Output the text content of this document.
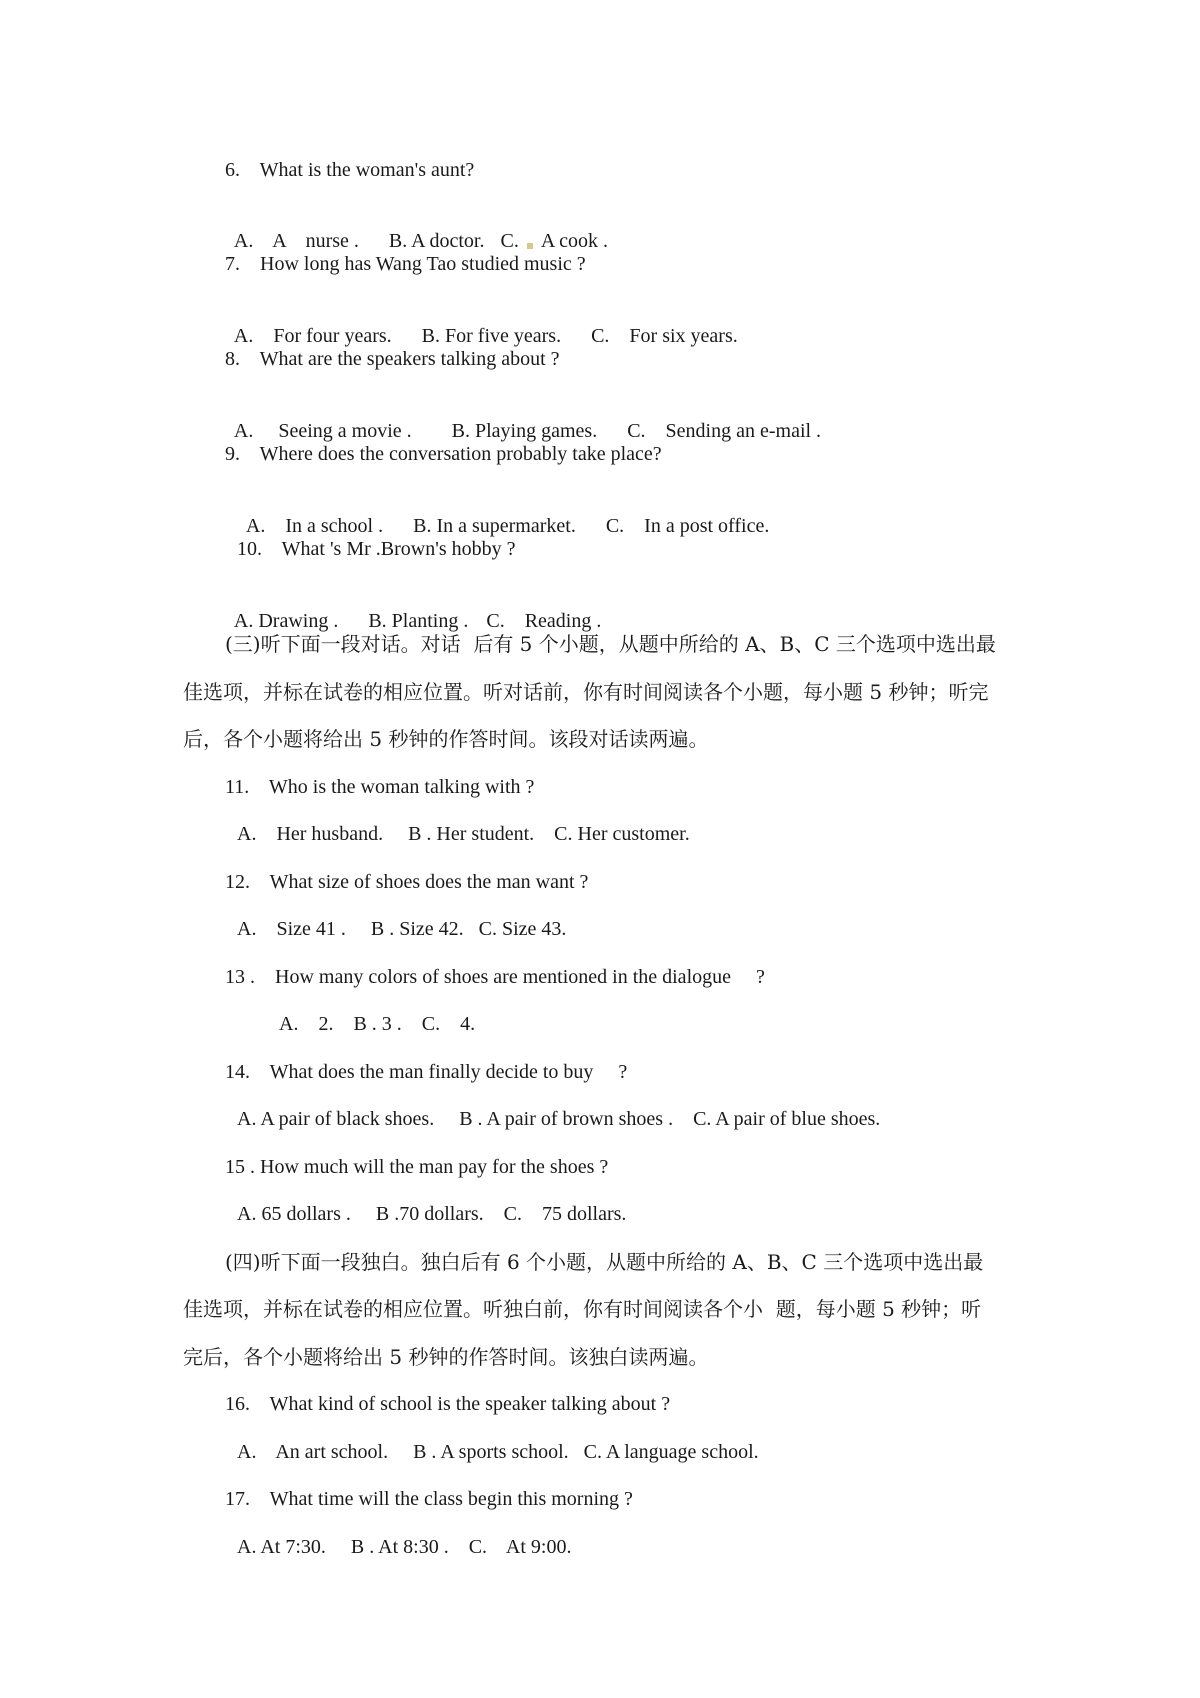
6.    What is the woman's aunt?

A.    A    nurse . B. A doctor. C. A cook .

7.    How long has Wang Tao studied music ?

A.    For four years. B. For five years. C.    For six years.

8.    What are the speakers talking about ?

A.     Seeing a movie . B. Playing games. C.    Sending an e-mail .

9.    Where does the conversation probably take place?

A.    In a school . B. In a supermarket. C.    In a post office.

10.    What 's Mr .Brown's hobby ?

A. Drawing . B. Planting . C.    Reading .

(三)听下面一段对话。对话  后有 5 个小题，从题中所给的 A、B、C 三个选项中选出最
佳选项，并标在试卷的相应位置。听对话前，你有时间阅读各个小题，每小题 5 秒钟；听完
后，各个小题将给出 5 秒钟的作答时间。该段对话读两遍。
11.    Who is the woman talking with ?
A.    Her husband.     B . Her student.    C. Her customer.
12.    What size of shoes does the man want ?
A.    Size 41 .     B . Size 42.   C. Size 43.
13 .    How many colors of shoes are mentioned in the dialogue     ?
A.    2.    B . 3 .    C.    4.
14.    What does the man finally decide to buy     ?
A. A pair of black shoes.     B . A pair of brown shoes .    C. A pair of blue shoes.
15 . How much will the man pay for the shoes ?
A. 65 dollars .     B .70 dollars.    C.    75 dollars.
(四)听下面一段独白。独白后有 6 个小题，从题中所给的 A、B、C 三个选项中选出最
佳选项，并标在试卷的相应位置。听独白前，你有时间阅读各个小  题，每小题 5 秒钟；听
完后，各个小题将给出 5 秒钟的作答时间。该独白读两遍。
16.    What kind of school is the speaker talking about ?
A.    An art school.     B . A sports school.   C. A language school.
17.    What time will the class begin this morning ?
A. At 7:30.     B . At 8:30 .    C.    At 9:00.
